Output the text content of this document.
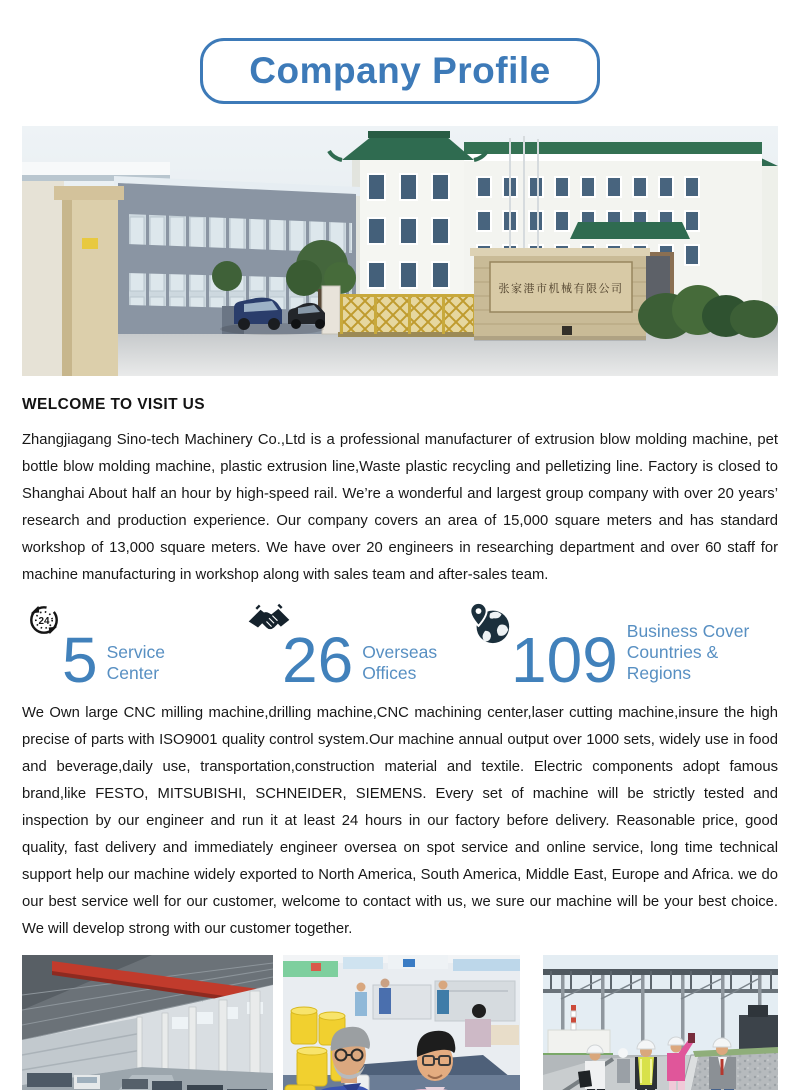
Company Profile
张家港市机械有限公司
WELCOME TO VISIT US

Zhangjiagang Sino-tech Machinery Co.,Ltd is a professional manufacturer of extrusion blow molding machine, pet bottle blow molding machine, plastic extrusion line,Waste plastic recycling and pelletizing line. Factory is closed to Shanghai About half an hour by high-speed rail. We’re a wonderful and largest group company with over 20 years’ research and production experience. Our company covers an area of 15,000 square meters and has standard workshop of 13,000 square meters. We have over 20 engineers in researching department and over 60 staff for machine manufacturing in workshop along with sales team and after-sales team.

24
5 Service
Center 26 Overseas
Offices	109 Business Cover
Countries & Regions

We Own large CNC milling machine,drilling machine,CNC machining center,laser cutting machine,insure the high precise of parts with ISO9001 quality control system.Our machine annual output over 1000 sets, widely use in food and beverage,daily use, transportation,construction material and textile. Electric components adopt famous brand,like FESTO, MITSUBISHI, SCHNEIDER, SIEMENS. Every set of machine will be strictly tested and inspection by our engineer and run it at least 24 hours in our factory before delivery. Reasonable price, good quality, fast delivery and immediately engineer oversea on spot service and online service, long time technical support help our machine widely exported to North America, South America, Middle East, Europe and Africa. we do our best service well for our customer, welcome to contact with us, we sure our machine will be your best choice. We will develop strong with our customer together.
